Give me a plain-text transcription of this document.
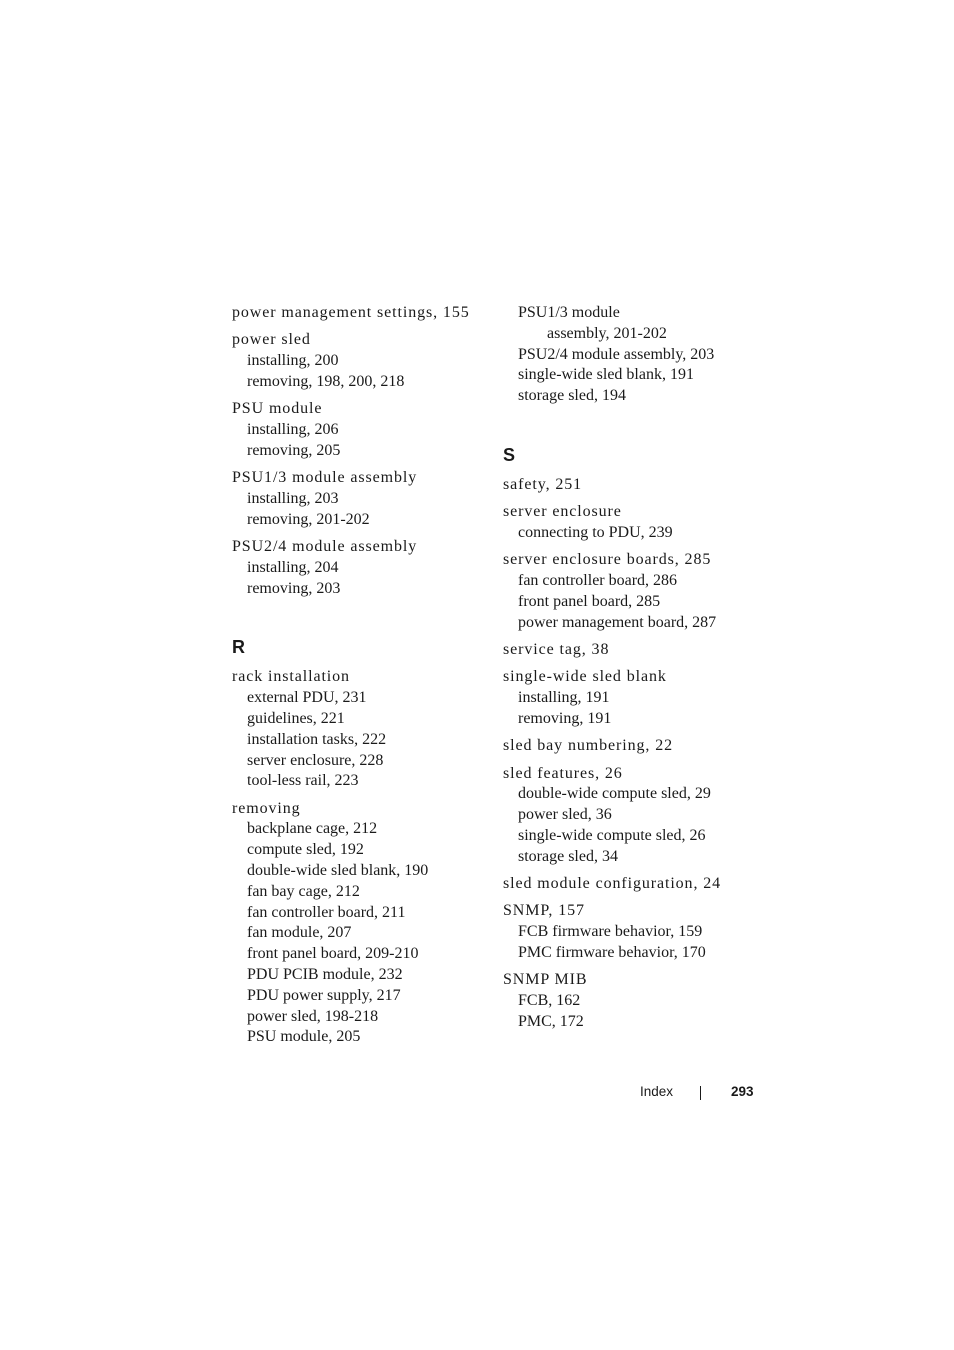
power management settings, 155
power sled
installing, 200
removing, 198, 200, 218
PSU module
installing, 206
removing, 205
PSU1/3 module assembly
installing, 203
removing, 201-202
PSU2/4 module assembly
installing, 204
removing, 203
R
rack installation
external PDU, 231
guidelines, 221
installation tasks, 222
server enclosure, 228
tool-less rail, 223
removing
backplane cage, 212
compute sled, 192
double-wide sled blank, 190
fan bay cage, 212
fan controller board, 211
fan module, 207
front panel board, 209-210
PDU PCIB module, 232
PDU power supply, 217
power sled, 198-218
PSU module, 205
PSU1/3 module
assembly, 201-202
PSU2/4 module assembly, 203
single-wide sled blank, 191
storage sled, 194
S
safety, 251
server enclosure
connecting to PDU, 239
server enclosure boards, 285
fan controller board, 286
front panel board, 285
power management board, 287
service tag, 38
single-wide sled blank
installing, 191
removing, 191
sled bay numbering, 22
sled features, 26
double-wide compute sled, 29
power sled, 36
single-wide compute sled, 26
storage sled, 34
sled module configuration, 24
SNMP, 157
FCB firmware behavior, 159
PMC firmware behavior, 170
SNMP MIB
FCB, 162
PMC, 172
Index	293
